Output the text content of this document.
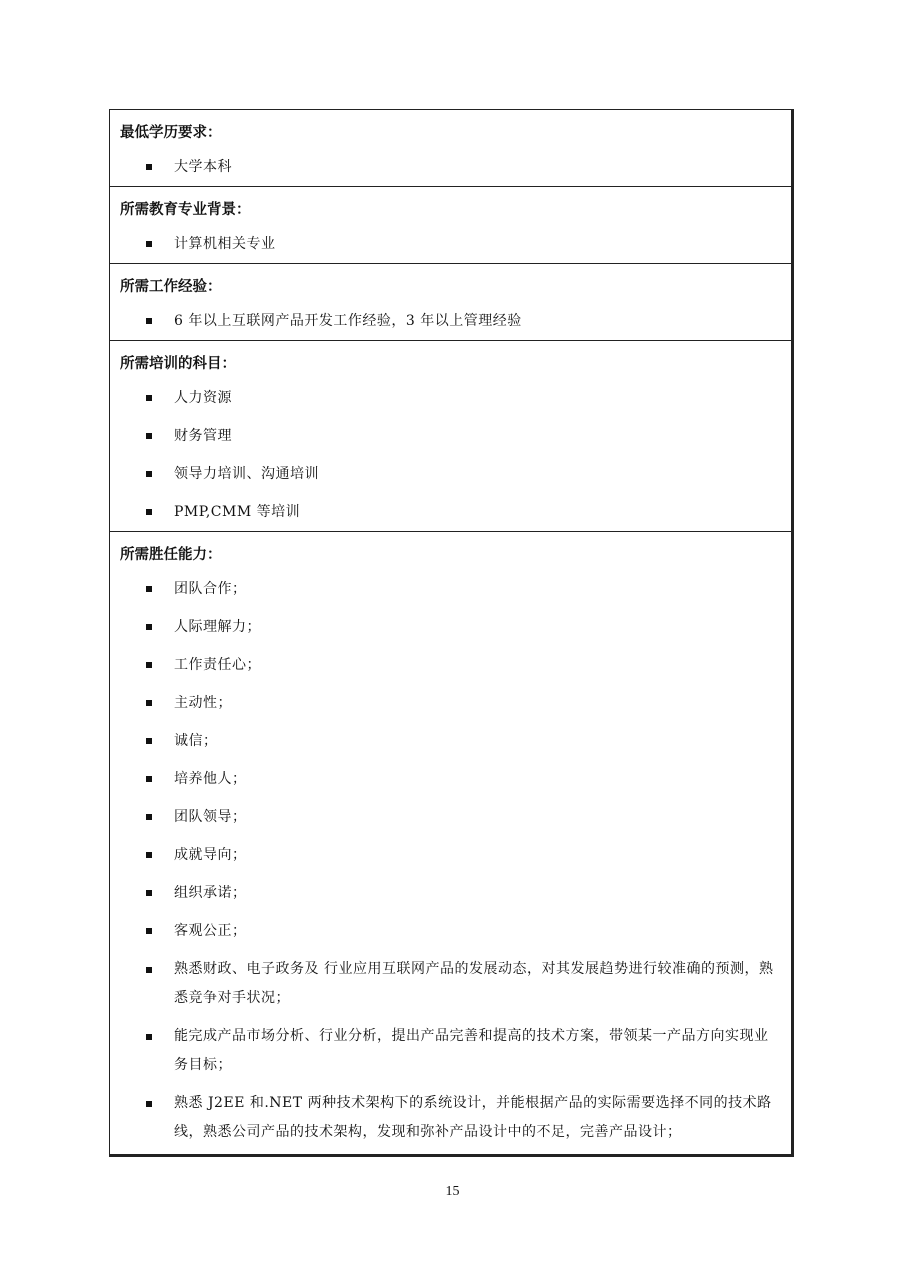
最低学历要求：
大学本科
所需教育专业背景：
计算机相关专业
所需工作经验：
6 年以上互联网产品开发工作经验，3 年以上管理经验
所需培训的科目：
人力资源
财务管理
领导力培训、沟通培训
PMP,CMM 等培训
所需胜任能力：
团队合作；
人际理解力；
工作责任心；
主动性；
诚信；
培养他人；
团队领导；
成就导向；
组织承诺；
客观公正；
熟悉财政、电子政务及 行业应用互联网产品的发展动态，对其发展趋势进行较准确的预测，熟悉竞争对手状况；
能完成产品市场分析、行业分析，提出产品完善和提高的技术方案，带领某一产品方向实现业务目标；
熟悉 J2EE 和.NET 两种技术架构下的系统设计，并能根据产品的实际需要选择不同的技术路线，熟悉公司产品的技术架构，发现和弥补产品设计中的不足，完善产品设计；
15
